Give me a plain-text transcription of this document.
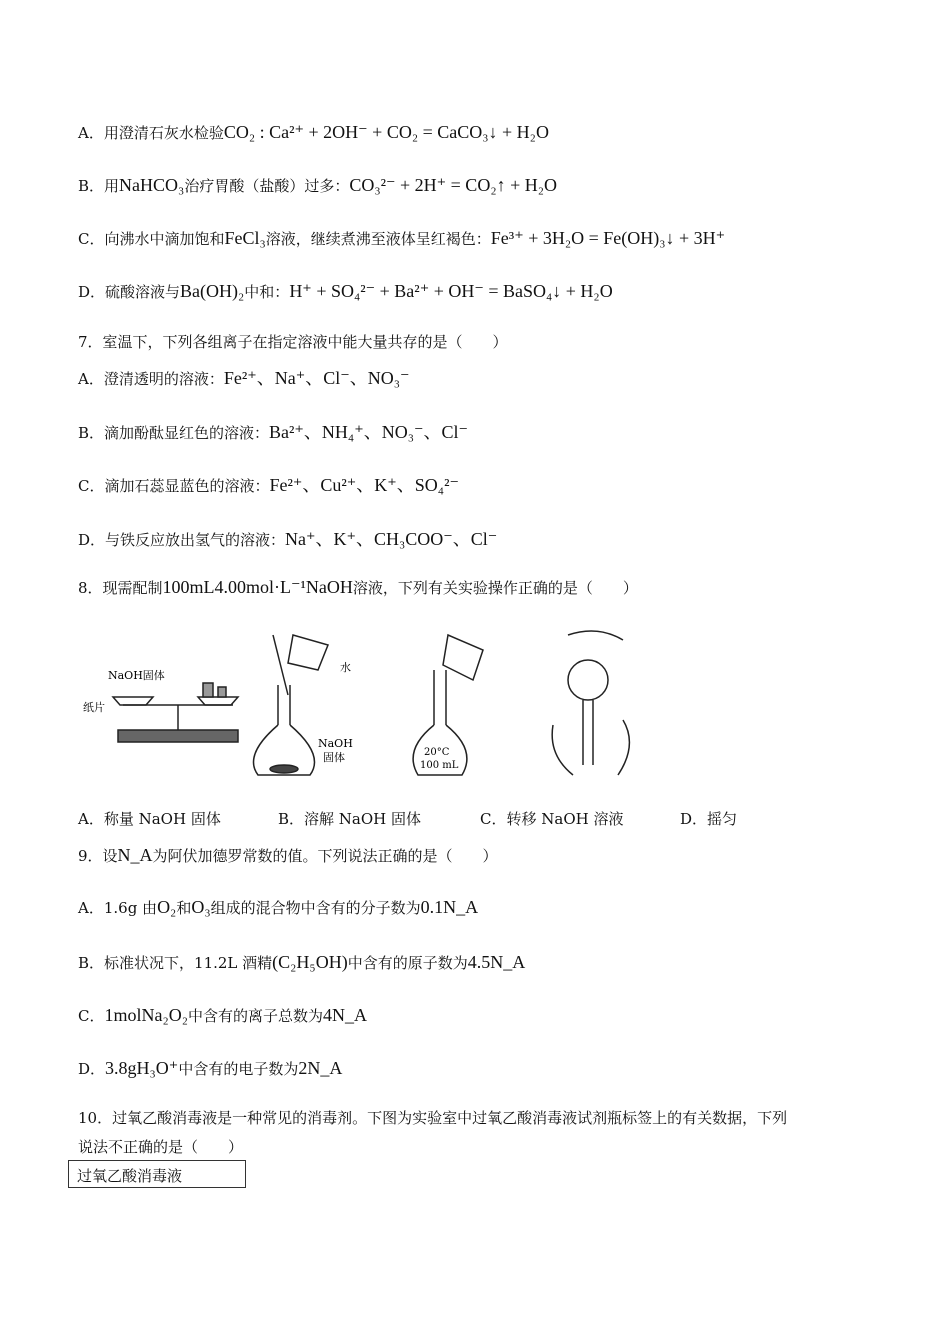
A．用澄清石灰水检验CO₂ : Ca²⁺ + 2OH⁻ + CO₂ = CaCO₃↓ + H₂O
B．用NaHCO₃治疗胃酸（盐酸）过多：CO₃²⁻ + 2H⁺ = CO₂↑ + H₂O
C．向沸水中滴加饱和FeCl₃溶液，继续煮沸至液体呈红褐色：Fe³⁺ + 3H₂O = Fe(OH)₃↓ + 3H⁺
D．硫酸溶液与Ba(OH)₂中和：H⁺ + SO₄²⁻ + Ba²⁺ + OH⁻ = BaSO₄↓ + H₂O
7．室温下，下列各组离子在指定溶液中能大量共存的是（　　）
A．澄清透明的溶液：Fe²⁺、Na⁺、Cl⁻、NO₃⁻
B．滴加酚酞显红色的溶液：Ba²⁺、NH₄⁺、NO₃⁻、Cl⁻
C．滴加石蕊显蓝色的溶液：Fe²⁺、Cu²⁺、K⁺、SO₄²⁻
D．与铁反应放出氢气的溶液：Na⁺、K⁺、CH₃COO⁻、Cl⁻
8．现需配制100mL4.00mol·L⁻¹NaOH溶液，下列有关实验操作正确的是（　　）
NaOH固体
纸片
水
NaOH
固体	20°C
100 mL
A．称量 NaOH 固体	B．溶解 NaOH 固体	C．转移 NaOH 溶液	D．摇匀
9．设N_A为阿伏加德罗常数的值。下列说法正确的是（　　）
A．1.6g 由O₂和O₃组成的混合物中含有的分子数为0.1N_A
B．标准状况下，11.2L 酒精(C₂H₅OH)中含有的原子数为4.5N_A
C．1molNa₂O₂中含有的离子总数为4N_A
D．3.8gH₃O⁺中含有的电子数为2N_A
10．过氧乙酸消毒液是一种常见的消毒剂。下图为实验室中过氧乙酸消毒液试剂瓶标签上的有关数据，下列
说法不正确的是（　　）
过氧乙酸消毒液
